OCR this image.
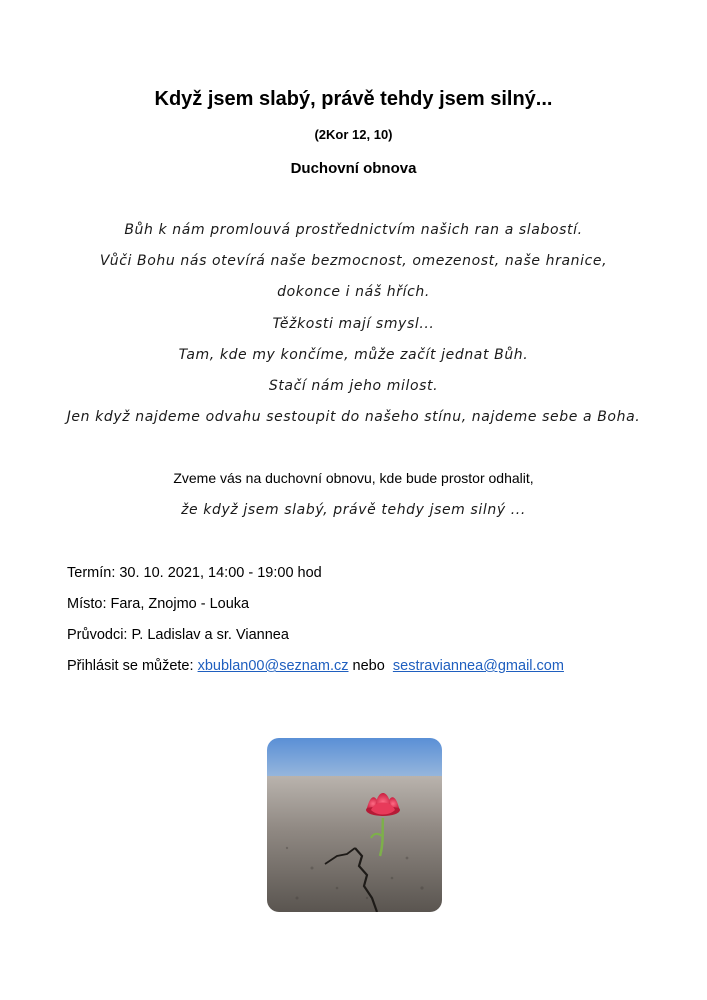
Když jsem slabý, právě tehdy jsem silný...
(2Kor 12, 10)
Duchovní obnova
Bůh k nám promlouvá prostřednictvím našich ran a slabostí.
Vůči Bohu nás otevírá naše bezmocnost, omezenost, naše hranice,
dokonce i náš hřích.
Těžkosti mají smysl...
Tam, kde my končíme, může začít jednat Bůh.
Stačí nám jeho milost.
Jen když najdeme odvahu sestoupit do našeho stínu, najdeme sebe a Boha.
Zveme vás na duchovní obnovu, kde bude prostor odhalit,
že když jsem slabý, právě tehdy jsem silný ...
Termín: 30. 10. 2021, 14:00 - 19:00 hod
Místo: Fara, Znojmo - Louka
Průvodci: P. Ladislav a sr. Viannea
Přihlásit se můžete: xbublan00@seznam.cz nebo sestraviannea@gmail.com
